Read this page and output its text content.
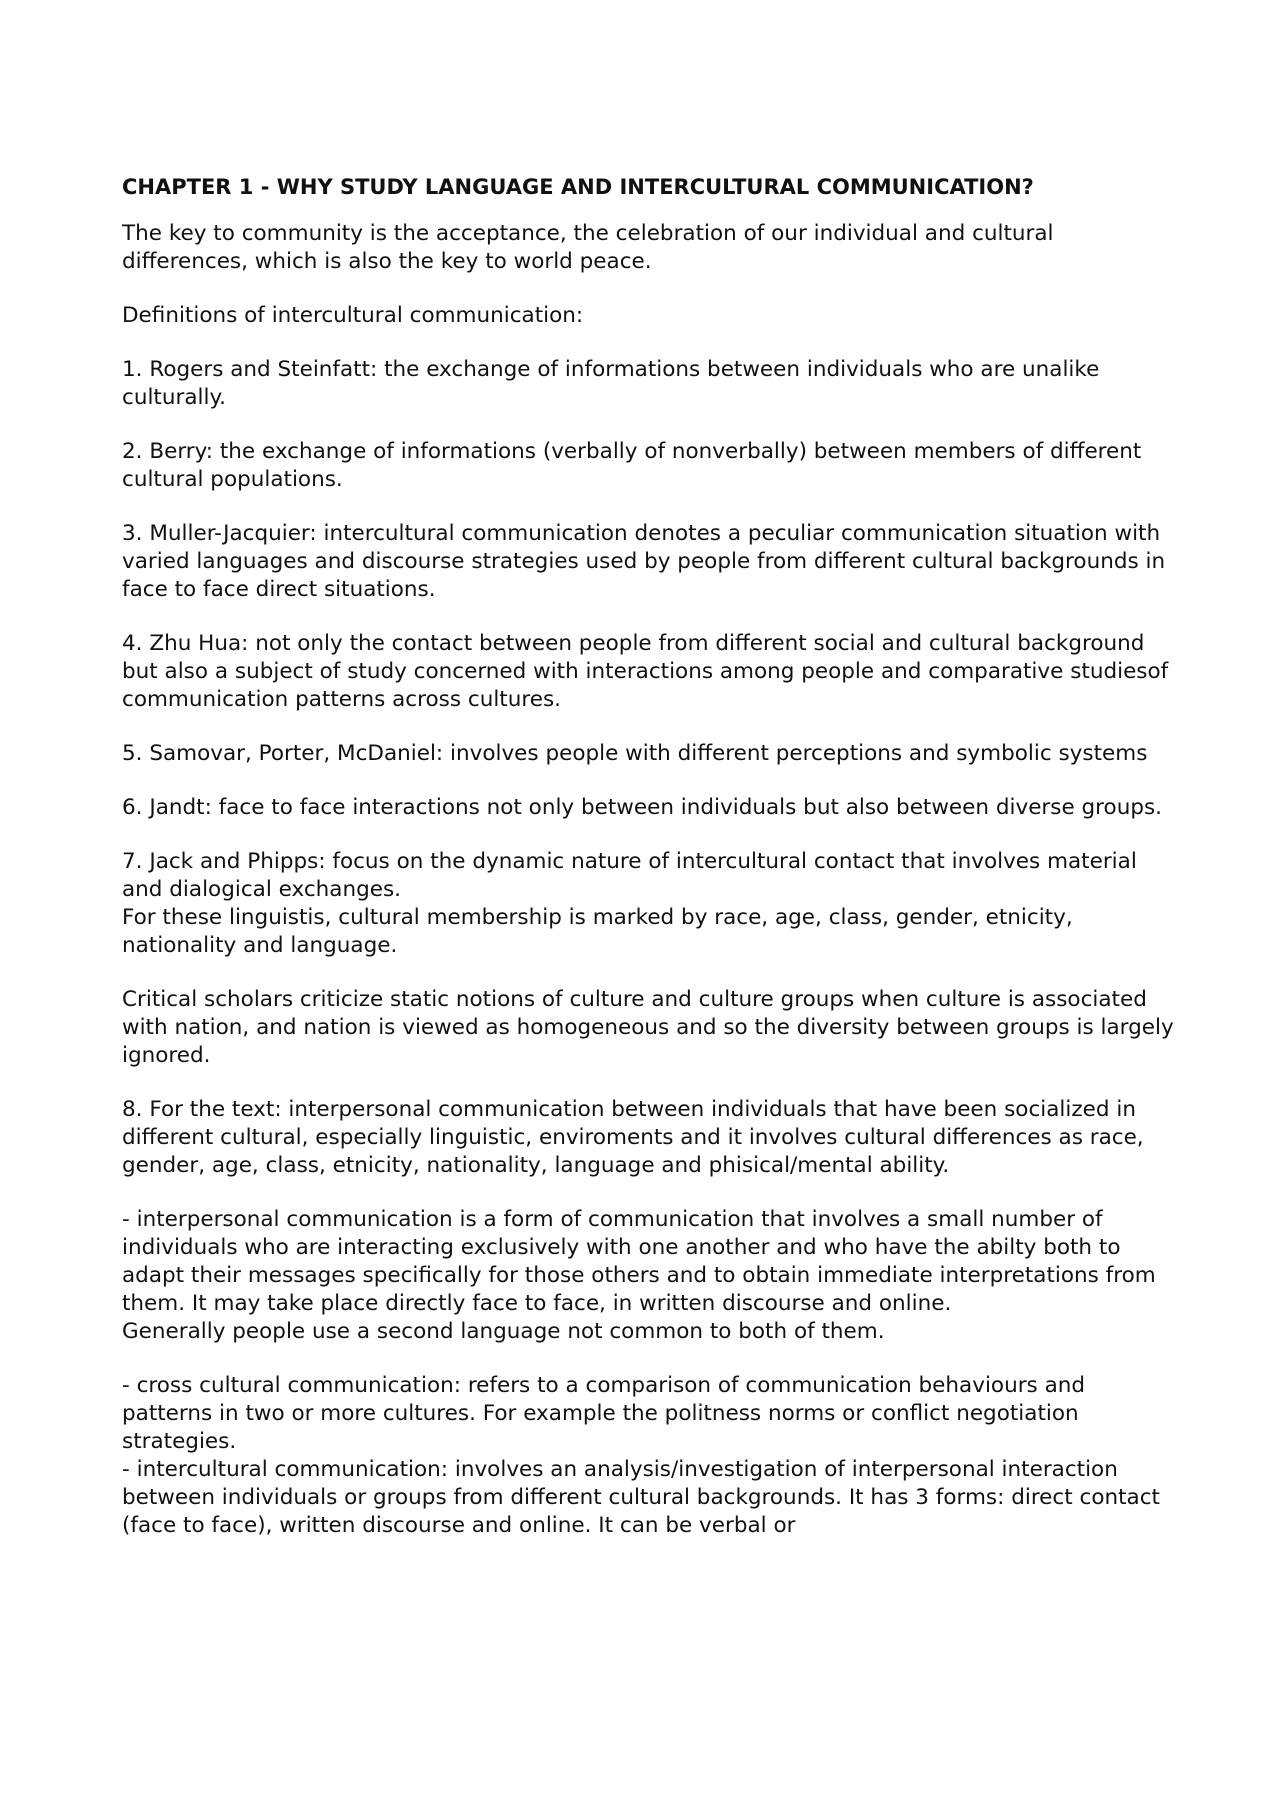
CHAPTER 1 - WHY STUDY LANGUAGE AND INTERCULTURAL COMMUNICATION?

The key to community is the acceptance, the celebration of our individual and cultural differences, which is also the key to world peace.

Definitions of intercultural communication:

1. Rogers and Steinfatt: the exchange of informations between individuals who are unalike culturally.

2. Berry: the exchange of informations (verbally of nonverbally) between members of different cultural populations.

3. Muller-Jacquier: intercultural communication denotes a peculiar communication situation with varied languages and discourse strategies used by people from different cultural backgrounds in face to face direct situations.

4. Zhu Hua: not only the contact between people from different social and cultural background but also a subject of study concerned with interactions among people and comparative studiesof communication patterns across cultures.

5. Samovar, Porter, McDaniel: involves people with different perceptions and symbolic systems

6. Jandt: face to face interactions not only between individuals but also between diverse groups.

7. Jack and Phipps: focus on the dynamic nature of intercultural contact that involves material and dialogical exchanges.

For these linguistis, cultural membership is marked by race, age, class, gender, etnicity, nationality and language.

Critical scholars criticize static notions of culture and culture groups when culture is associated with nation, and nation is viewed as homogeneous and so the diversity between groups is largely ignored.

8. For the text: interpersonal communication between individuals that have been socialized in different cultural, especially linguistic, enviroments and it involves cultural differences as race, gender, age, class, etnicity, nationality, language and phisical/mental ability.

- interpersonal communication is a form of communication that involves a small number of individuals who are interacting exclusively with one another and who have the abilty both to adapt their messages specifically for those others and to obtain immediate interpretations from them. It may take place directly face to face, in written discourse and online.

Generally people use a second language not common to both of them.

- cross cultural communication: refers to a comparison of communication behaviours and patterns in two or more cultures. For example the politness norms or conflict negotiation strategies.

- intercultural communication: involves an analysis/investigation of interpersonal interaction between individuals or groups from different cultural backgrounds. It has 3 forms: direct contact (face to face), written discourse and online. It can be verbal or
